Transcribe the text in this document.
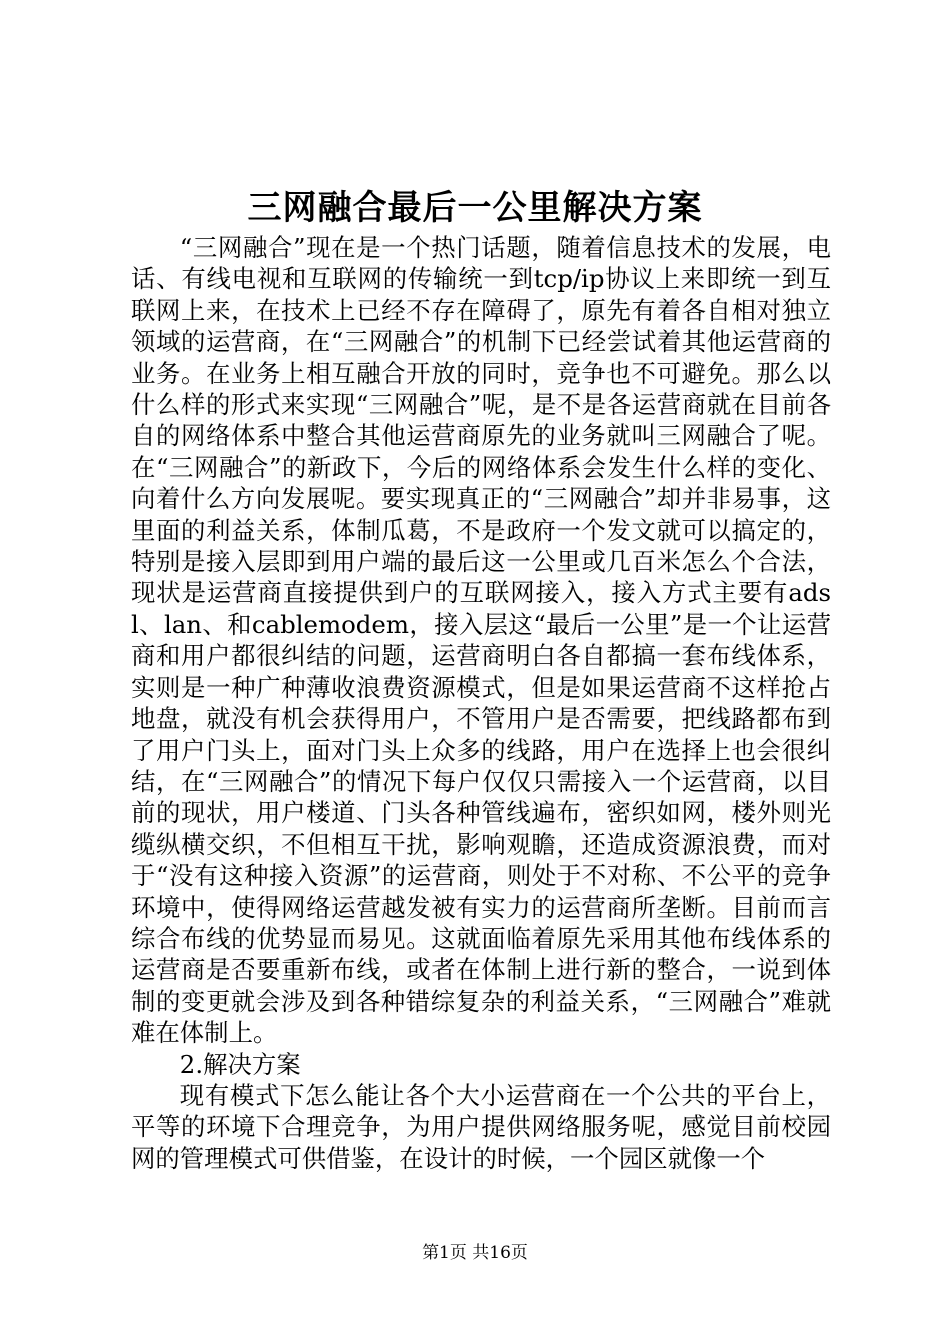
三网融合最后一公里解决方案

“三网融合”现在是一个热门话题，随着信息技术的发展，电话、有线电视和互联网的传输统一到tcp/ip协议上来即统一到互联网上来，在技术上已经不存在障碍了，原先有着各自相对独立领域的运营商，在“三网融合”的机制下已经尝试着其他运营商的业务。在业务上相互融合开放的同时，竞争也不可避免。那么以什么样的形式来实现“三网融合”呢，是不是各运营商就在目前各自的网络体系中整合其他运营商原先的业务就叫三网融合了呢。在“三网融合”的新政下，今后的网络体系会发生什么样的变化、向着什么方向发展呢。要实现真正的“三网融合”却并非易事，这里面的利益关系，体制瓜葛，不是政府一个发文就可以搞定的，特别是接入层即到用户端的最后这一公里或几百米怎么个合法，现状是运营商直接提供到户的互联网接入，接入方式主要有adsl、lan、和cablemodem，接入层这“最后一公里”是一个让运营商和用户都很纠结的问题，运营商明白各自都搞一套布线体系，实则是一种广种薄收浪费资源模式，但是如果运营商不这样抢占地盘，就没有机会获得用户，不管用户是否需要，把线路都布到了用户门头上，面对门头上众多的线路，用户在选择上也会很纠结，在“三网融合”的情况下每户仅仅只需接入一个运营商，以目前的现状，用户楼道、门头各种管线遍布，密织如网，楼外则光缆纵横交织，不但相互干扰，影响观瞻，还造成资源浪费，而对于“没有这种接入资源”的运营商，则处于不对称、不公平的竞争环境中，使得网络运营越发被有实力的运营商所垄断。目前而言综合布线的优势显而易见。这就面临着原先采用其他布线体系的运营商是否要重新布线，或者在体制上进行新的整合，一说到体制的变更就会涉及到各种错综复杂的利益关系，“三网融合”难就难在体制上。

2.解决方案

现有模式下怎么能让各个大小运营商在一个公共的平台上，平等的环境下合理竞争，为用户提供网络服务呢，感觉目前校园网的管理模式可供借鉴，在设计的时候，一个园区就像一个

第1页 共16页
